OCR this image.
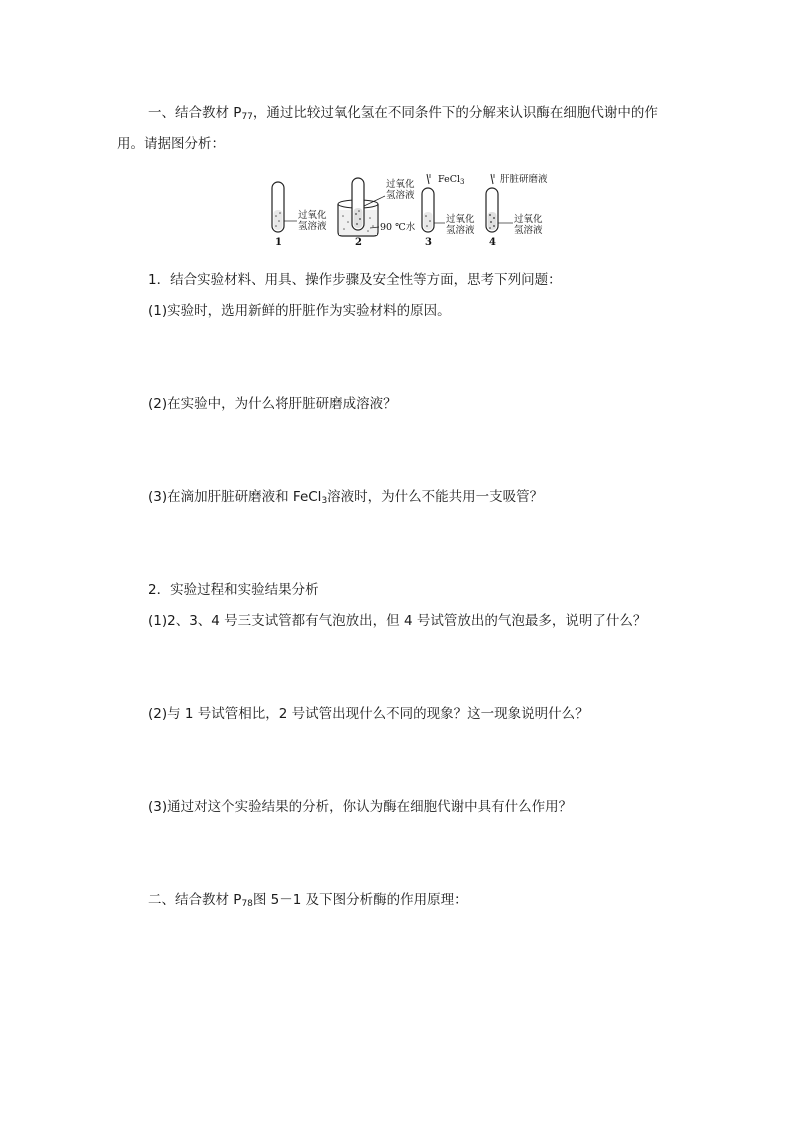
一、结合教材 $P_{77}$，通过比较过氧化氢在不同条件下的分解来认识酶在细胞代谢中的作
用。请据图分析：
过氧化
氢溶液
1
过氧化
氢溶液
90 ℃水
2
FeCl$_3$
过氧化
氢溶液
3
肝脏研磨液
过氧化
氢溶液
4
1．结合实验材料、用具、操作步骤及安全性等方面，思考下列问题：
(1)实验时，选用新鲜的肝脏作为实验材料的原因。
(2)在实验中，为什么将肝脏研磨成溶液？
(3)在滴加肝脏研磨液和 FeCl$_3$溶液时，为什么不能共用一支吸管？
2．实验过程和实验结果分析
(1)2、3、4 号三支试管都有气泡放出，但 4 号试管放出的气泡最多，说明了什么？
(2)与 1 号试管相比，2 号试管出现什么不同的现象？这一现象说明什么？
(3)通过对这个实验结果的分析，你认为酶在细胞代谢中具有什么作用？
二、结合教材 $P_{78}$图 5－1 及下图分析酶的作用原理：
